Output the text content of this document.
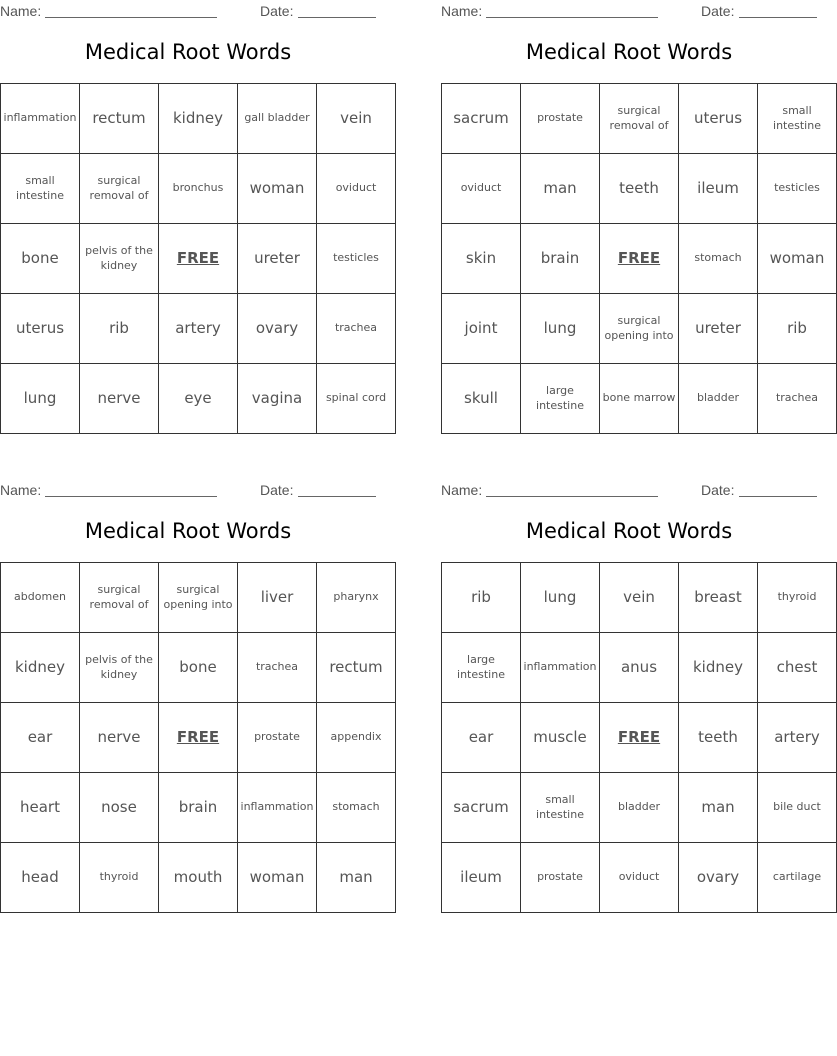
Name:	Date:
Medical Root Words
inflammation	rectum	kidney	gall bladder	vein
small intestine	surgical removal of	bronchus	woman	oviduct
bone	pelvis of the kidney	FREE	ureter	testicles
uterus	rib	artery	ovary	trachea
lung	nerve	eye	vagina	spinal cord
Name:	Date:
Medical Root Words
sacrum	prostate	surgical removal of	uterus	small intestine
oviduct	man	teeth	ileum	testicles
skin	brain	FREE	stomach	woman
joint	lung	surgical opening into	ureter	rib
skull	large intestine	bone marrow	bladder	trachea
Name:	Date:
Medical Root Words
abdomen	surgical removal of	surgical opening into	liver	pharynx
kidney	pelvis of the kidney	bone	trachea	rectum
ear	nerve	FREE	prostate	appendix
heart	nose	brain	inflammation	stomach
head	thyroid	mouth	woman	man
Name:	Date:
Medical Root Words
rib	lung	vein	breast	thyroid
large intestine	inflammation	anus	kidney	chest
ear	muscle	FREE	teeth	artery
sacrum	small intestine	bladder	man	bile duct
ileum	prostate	oviduct	ovary	cartilage
